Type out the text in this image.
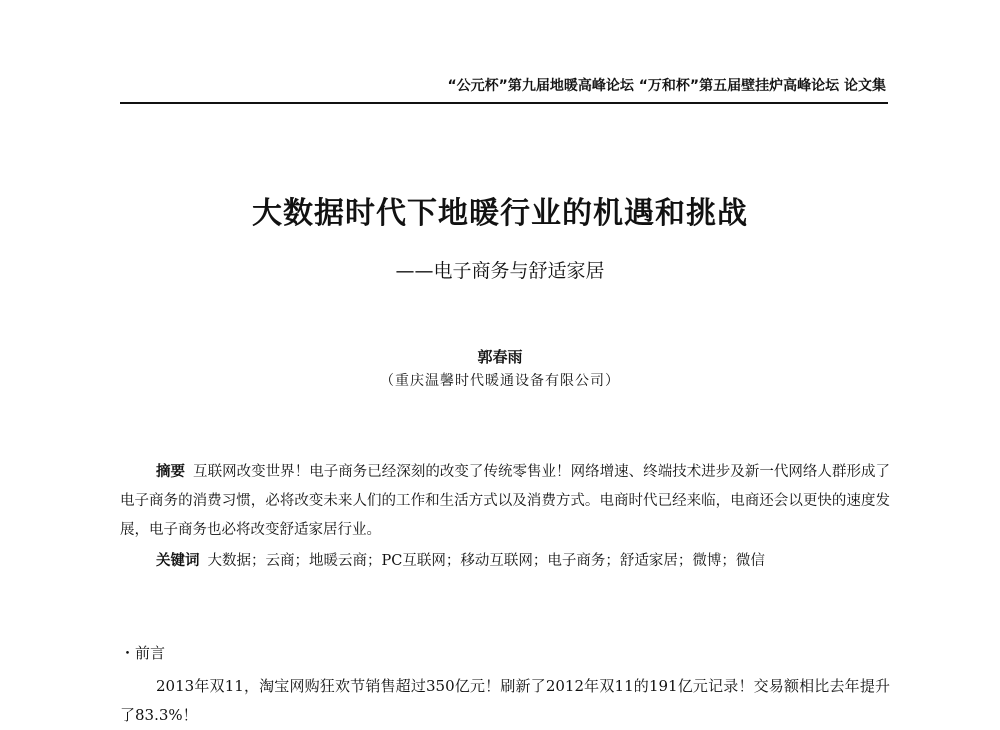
“公元杯”第九届地暖高峰论坛 “万和杯”第五届壁挂炉高峰论坛 论文集
大数据时代下地暖行业的机遇和挑战
——电子商务与舒适家居
郭春雨
（重庆温馨时代暖通设备有限公司）
摘要 互联网改变世界！电子商务已经深刻的改变了传统零售业！网络增速、终端技术进步及新一代网络人群形成了电子商务的消费习惯，必将改变未来人们的工作和生活方式以及消费方式。电商时代已经来临，电商还会以更快的速度发展，电子商务也必将改变舒适家居行业。
关键词 大数据；云商；地暖云商；PC互联网；移动互联网；电子商务；舒适家居；微博；微信
・前言
2013年双11，淘宝网购狂欢节销售超过350亿元！刷新了2012年双11的191亿元记录！交易额相比去年提升了83.3%！
